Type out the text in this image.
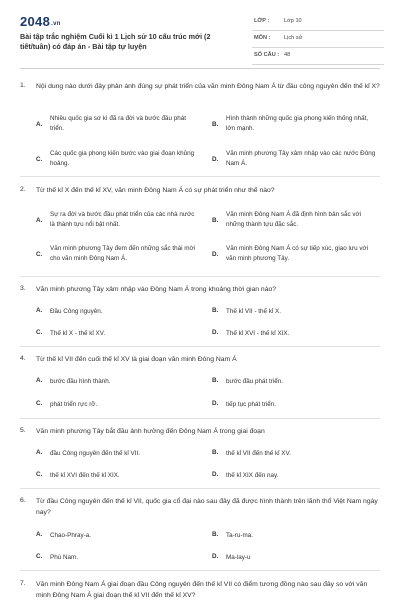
2048.vn
Bài tập trắc nghiệm Cuối kì 1 Lịch sử 10 cấu trúc mới (2 tiết/tuần) có đáp án - Bài tập tự luyện
LỚP :	Lớp 10
MÔN : Lịch sử
SỐ CÂU : 48
1. Nội dung nào dưới đây phản ánh đúng sự phát triển của văn minh Đông Nam Á từ đầu công nguyên đến thế kỉ X?
A.
Nhiều quốc gia sơ kì đã ra đời và bước đầu phát triển.
B.
Hình thành những quốc gia phong kiến thống nhất, lớn mạnh.
C.
Các quốc gia phong kiến bước vào giai đoạn khủng hoảng.
D.
Văn minh phương Tây xâm nhập vào các nước Đông Nam Á.
2. Từ thế kỉ X đến thế kỉ XV, văn minh Đông Nam Á có sự phát triển như thế nào?
A.
Sự ra đời và bước đầu phát triển của các nhà nước là thành tựu nổi bật nhất.
B.
Văn minh Đông Nam Á đã định hình bản sắc với những thành tựu đặc sắc.
C.
Văn minh phương Tây đem đến những sắc thái mới cho văn minh Đông Nam Á.
D.
Văn minh Đông Nam Á có sự tiếp xúc, giao lưu với văn minh phương Tây.
3. Văn minh phương Tây xâm nhập vào Đông Nam Á trong khoảng thời gian nào?
A. Đầu Công nguyên.	B. Thế kỉ VII - thế kỉ X.
C. Thế kỉ X - thế kỉ XV.	D. Thế kỉ XVI - thế kỉ XIX.
4. Từ thế kỉ VII đến cuối thế kỉ XV là giai đoạn văn minh Đông Nam Á
A. bước đầu hình thành.	B. bước đầu phát triển.
C. phát triển rực rỡ.	D. tiếp tục phát triển.
5. Văn minh phương Tây bắt đầu ảnh hưởng đến Đông Nam Á trong giai đoạn
A. đầu Công nguyên đến thế kỉ VII.	B. thế kỉ VII đến thế kỉ XV.
C. thế kỉ XVI đến thế kỉ XIX.	D. thế kỉ XIX đến nay.
6. Từ đầu Công nguyên đến thế kỉ VII, quốc gia cổ đại nào sau đây đã được hình thành trên lãnh thổ Việt Nam ngày nay?
A. Chao-Phray-a.	B. Ta-ru-ma.
C. Phù Nam.	D. Ma-lay-u
7. Văn minh Đông Nam Á giai đoạn đầu Công nguyên đến thế kỉ VII có điểm tương đồng nào sau đây so với văn minh Đông Nam Á giai đoạn thế kỉ VII đến thế kỉ XV?
